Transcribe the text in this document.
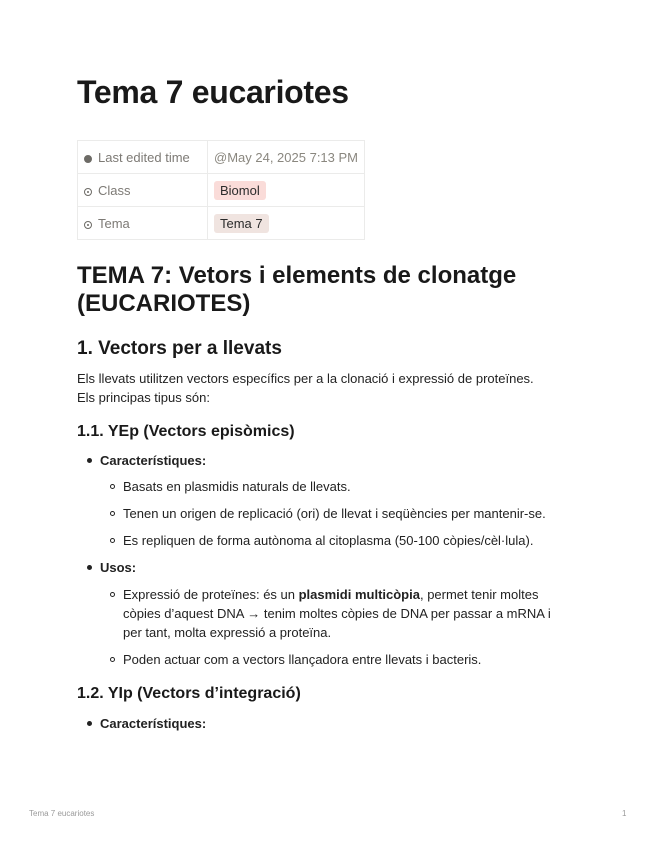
Tema 7 eucariotes
Last edited time	@May 24, 2025 7:13 PM
Class	Biomol
Tema	Tema 7
TEMA 7: Vetors i elements de clonatge (EUCARIOTES)
1. Vectors per a llevats

Els llevats utilitzen vectors específics per a la clonació i expressió de proteïnes.

Els principas tipus són:

1.1. YEp (Vectors episòmics)
Característiques:
Basats en plasmidis naturals de llevats.
Tenen un origen de replicació (ori) de llevat i seqüències per mantenir-se.
Es repliquen de forma autònoma al citoplasma (50-100 còpies/cèl·lula).
Usos:
Expressió de proteïnes: és un plasmidi multicòpia, permet tenir moltes
còpies d’aquest DNA → tenim moltes còpies de DNA per passar a mRNA i
per tant, molta expressió a proteïna.
Poden actuar com a vectors llançadora entre llevats i bacteris.
1.2. YIp (Vectors d’integració)
Característiques:
Tema 7 eucariotes	1
